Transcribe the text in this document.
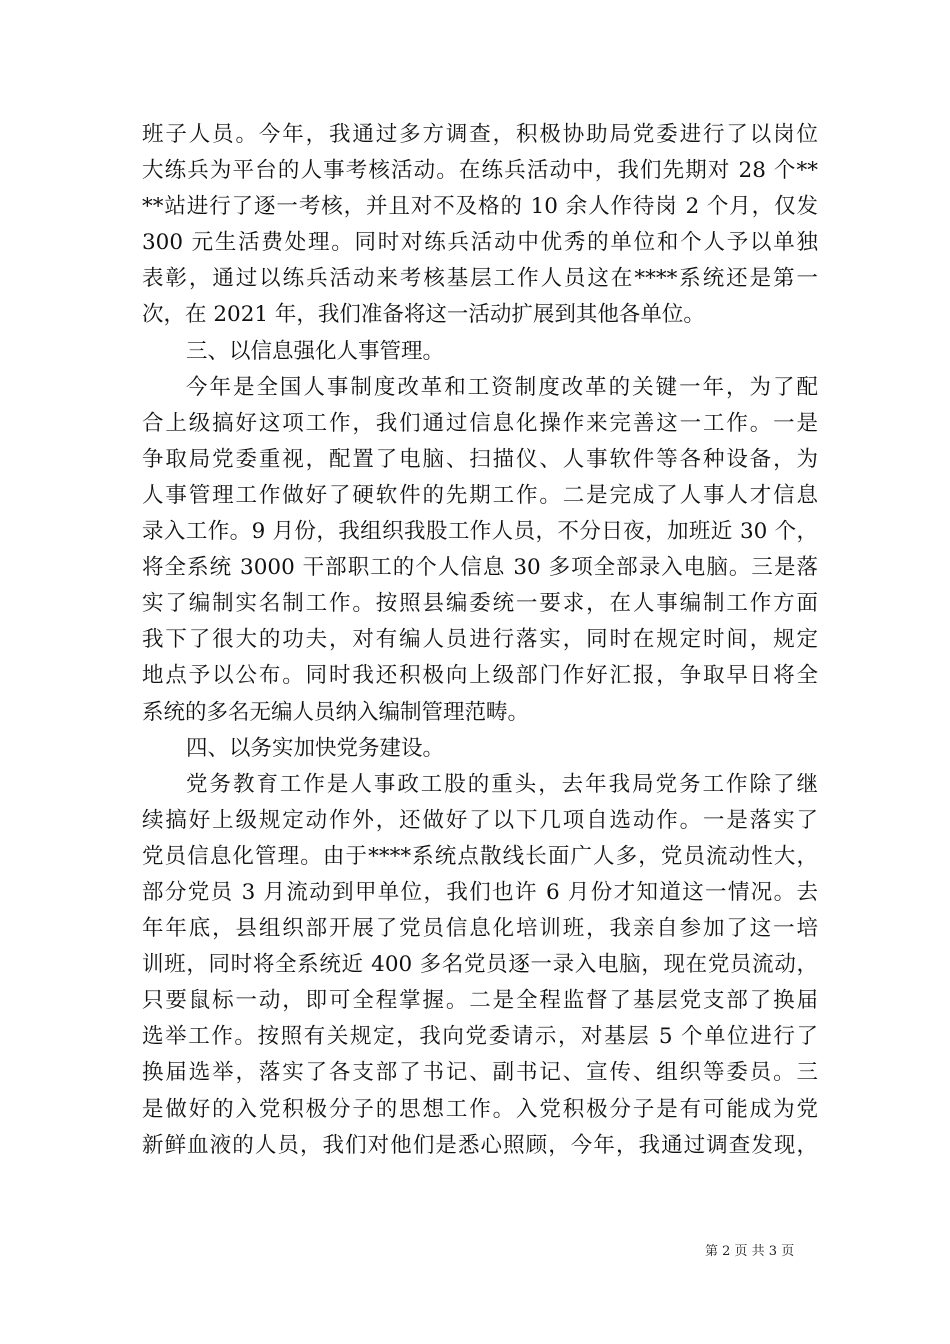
班子人员。今年，我通过多方调查，积极协助局党委进行了以岗位
大练兵为平台的人事考核活动。在练兵活动中，我们先期对 28 个**
**站进行了逐一考核，并且对不及格的 10 余人作待岗 2 个月，仅发
300 元生活费处理。同时对练兵活动中优秀的单位和个人予以单独
表彰，通过以练兵活动来考核基层工作人员这在****系统还是第一
次，在 2021 年，我们准备将这一活动扩展到其他各单位。
三、以信息强化人事管理。
今年是全国人事制度改革和工资制度改革的关键一年，为了配
合上级搞好这项工作，我们通过信息化操作来完善这一工作。一是
争取局党委重视，配置了电脑、扫描仪、人事软件等各种设备，为
人事管理工作做好了硬软件的先期工作。二是完成了人事人才信息
录入工作。9 月份，我组织我股工作人员，不分日夜，加班近 30 个，
将全系统 3000 干部职工的个人信息 30 多项全部录入电脑。三是落
实了编制实名制工作。按照县编委统一要求，在人事编制工作方面
我下了很大的功夫，对有编人员进行落实，同时在规定时间，规定
地点予以公布。同时我还积极向上级部门作好汇报，争取早日将全
系统的多名无编人员纳入编制管理范畴。
四、以务实加快党务建设。
党务教育工作是人事政工股的重头，去年我局党务工作除了继
续搞好上级规定动作外，还做好了以下几项自选动作。一是落实了
党员信息化管理。由于****系统点散线长面广人多，党员流动性大，
部分党员 3 月流动到甲单位，我们也许 6 月份才知道这一情况。去
年年底，县组织部开展了党员信息化培训班，我亲自参加了这一培
训班，同时将全系统近 400 多名党员逐一录入电脑，现在党员流动，
只要鼠标一动，即可全程掌握。二是全程监督了基层党支部了换届
选举工作。按照有关规定，我向党委请示，对基层 5 个单位进行了
换届选举，落实了各支部了书记、副书记、宣传、组织等委员。三
是做好的入党积极分子的思想工作。入党积极分子是有可能成为党
新鲜血液的人员，我们对他们是悉心照顾，今年，我通过调查发现，
第 2 页 共 3 页
